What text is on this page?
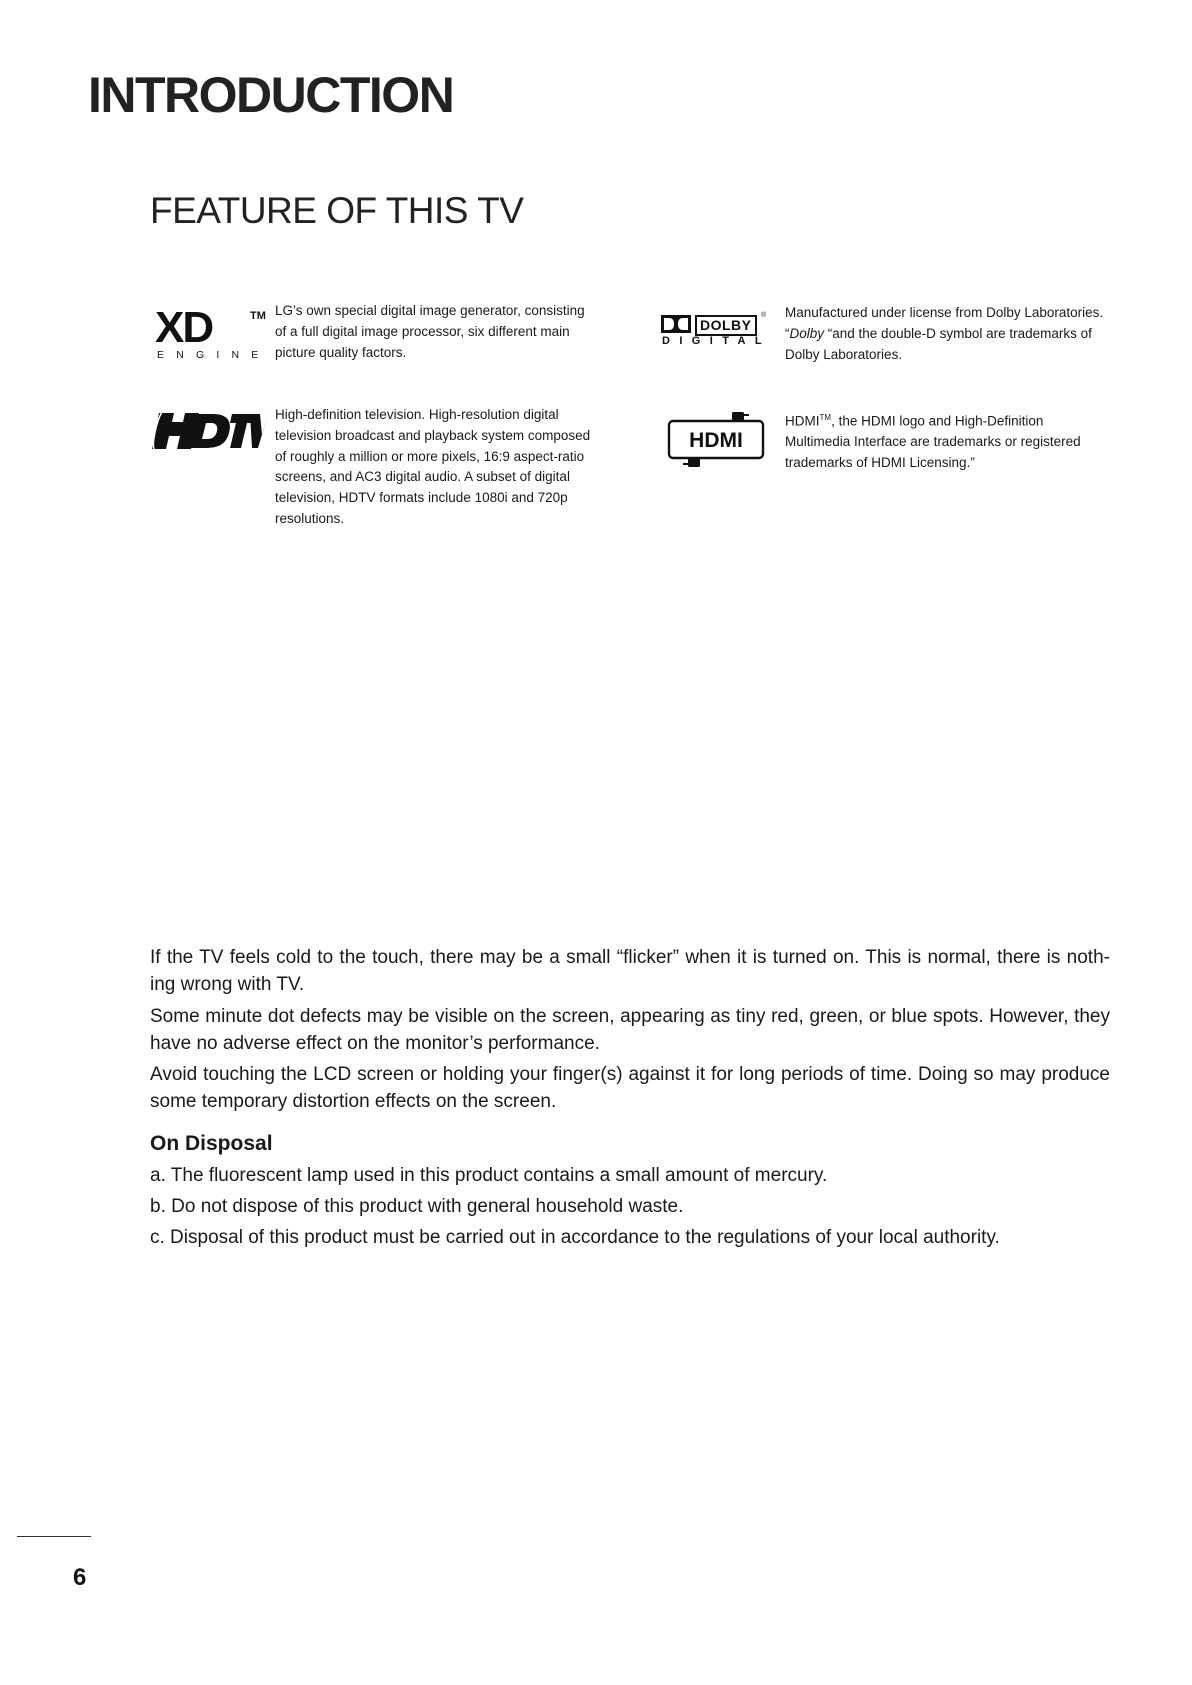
INTRODUCTION
FEATURE OF THIS TV
XD	TM
ENGINE
LG’s own special digital image generator, consisting
of a full digital image processor, six different main
picture quality factors.
High-definition television. High-resolution digital
television broadcast and playback system composed
of roughly a million or more pixels, 16:9 aspect-ratio
screens, and AC3 digital audio. A subset of digital
television, HDTV formats include 1080i and 720p
resolutions.
DOLBY
®
DIGITAL
Manufactured under license from Dolby Laboratories.
“Dolby “and the double-D symbol are trademarks of
Dolby Laboratories.
HDMI
HDMI™, the HDMI logo and High-Definition
Multimedia Interface are trademarks or registered
trademarks of HDMI Licensing.”

If the TV feels cold to the touch, there may be a small “flicker” when it is turned on. This is normal, there is noth-ing wrong with TV.

Some minute dot defects may be visible on the screen, appearing as tiny red, green, or blue spots. However, they have no adverse effect on the monitor’s performance.

Avoid touching the LCD screen or holding your finger(s) against it for long periods of time. Doing so may produce some temporary distortion effects on the screen.

On Disposal

a. The fluorescent lamp used in this product contains a small amount of mercury.

b. Do not dispose of this product with general household waste.

c. Disposal of this product must be carried out in accordance to the regulations of your local authority.

6
